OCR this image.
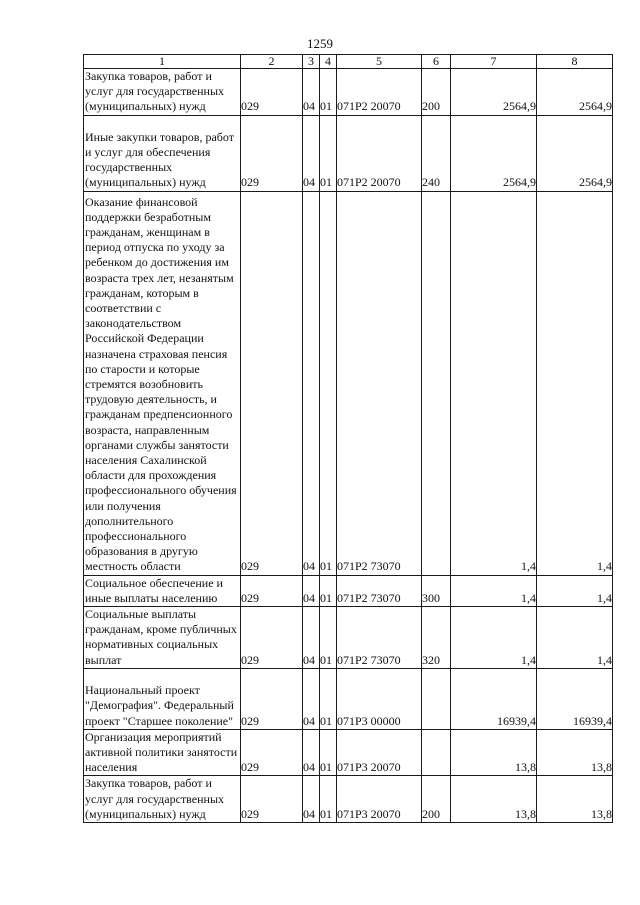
1259
1	2	3	4	5	6	7	8
Закупка товаров, работ и услуг для государственных (муниципальных) нужд	029	04	01	071P2 20070	200	2564,9	2564,9
Иные закупки товаров, работ и услуг для обеспечения государственных (муниципальных) нужд	029	04	01	071P2 20070	240	2564,9	2564,9
Оказание финансовой поддержки безработным гражданам, женщинам в период отпуска по уходу за ребенком до достижения им возраста трех лет, незанятым гражданам, которым в соответствии с законодательством Российской Федерации назначена страховая пенсия по старости и которые стремятся возобновить трудовую деятельность, и гражданам предпенсионного возраста, направленным органами службы занятости населения Сахалинской области для прохождения профессионального обучения или получения дополнительного профессионального образования в другую местность области	029	04	01	071P2 73070		1,4	1,4
Социальное обеспечение и иные выплаты населению	029	04	01	071P2 73070	300	1,4	1,4
Социальные выплаты гражданам, кроме публичных нормативных социальных выплат	029	04	01	071P2 73070	320	1,4	1,4
Национальный проект "Демография". Федеральный проект "Старшее поколение"	029	04	01	071P3 00000		16939,4	16939,4
Организация мероприятий активной политики занятости населения	029	04	01	071P3 20070		13,8	13,8
Закупка товаров, работ и услуг для государственных (муниципальных) нужд	029	04	01	071P3 20070	200	13,8	13,8
